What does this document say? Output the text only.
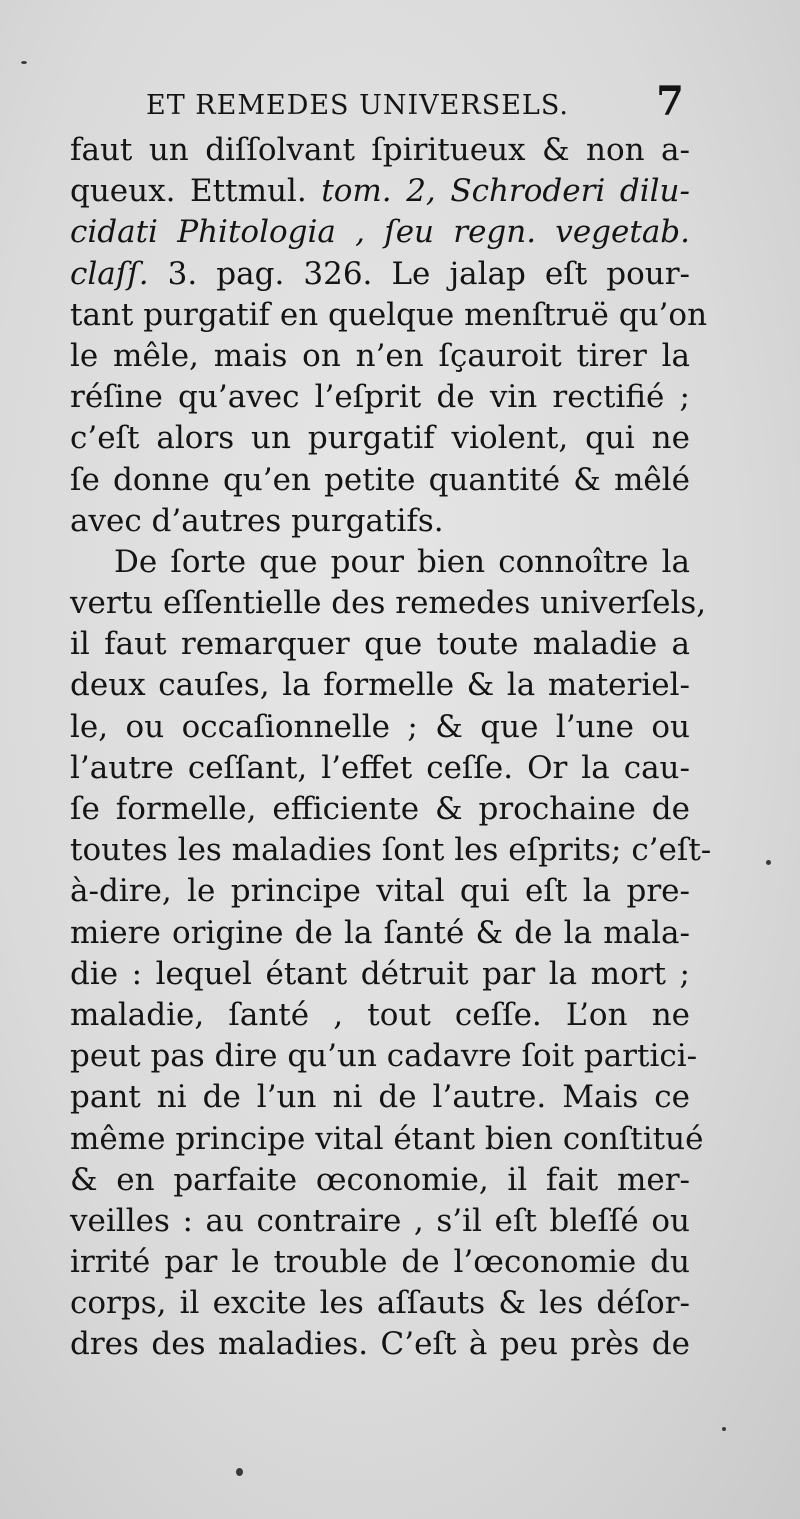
ET REMEDES UNIVERSELS. 7
faut un diſſolvant ſpiritueux & non a-
queux. Ettmul. tom. 2, Schroderi dilu-
cidati Phitologia , ſeu regn. vegetab.
claſſ. 3. pag. 326. Le jalap eſt pour-
tant purgatif en quelque menſtruë qu’on
le mêle, mais on n’en ſçauroit tirer la
réſine qu’avec l’eſprit de vin rectifié ;
c’eſt alors un purgatif violent, qui ne
ſe donne qu’en petite quantité & mêlé
avec d’autres purgatifs.
De ſorte que pour bien connoître la
vertu eſſentielle des remedes univerſels,
il faut remarquer que toute maladie a
deux cauſes, la formelle & la materiel-
le, ou occaſionnelle ; & que l’une ou
l’autre ceſſant, l’effet ceſſe. Or la cau-
ſe formelle, efficiente & prochaine de
toutes les maladies ſont les eſprits; c’eſt-
à-dire, le principe vital qui eſt la pre-
miere origine de la ſanté & de la mala-
die : lequel étant détruit par la mort ;
maladie, ſanté , tout ceſſe. L’on ne
peut pas dire qu’un cadavre ſoit partici-
pant ni de l’un ni de l’autre. Mais ce
même principe vital étant bien conſtitué
& en parfaite œconomie, il fait mer-
veilles : au contraire , s’il eſt bleſſé ou
irrité par le trouble de l’œconomie du
corps, il excite les aſſauts & les déſor-
dres des maladies. C’eſt à peu près de
